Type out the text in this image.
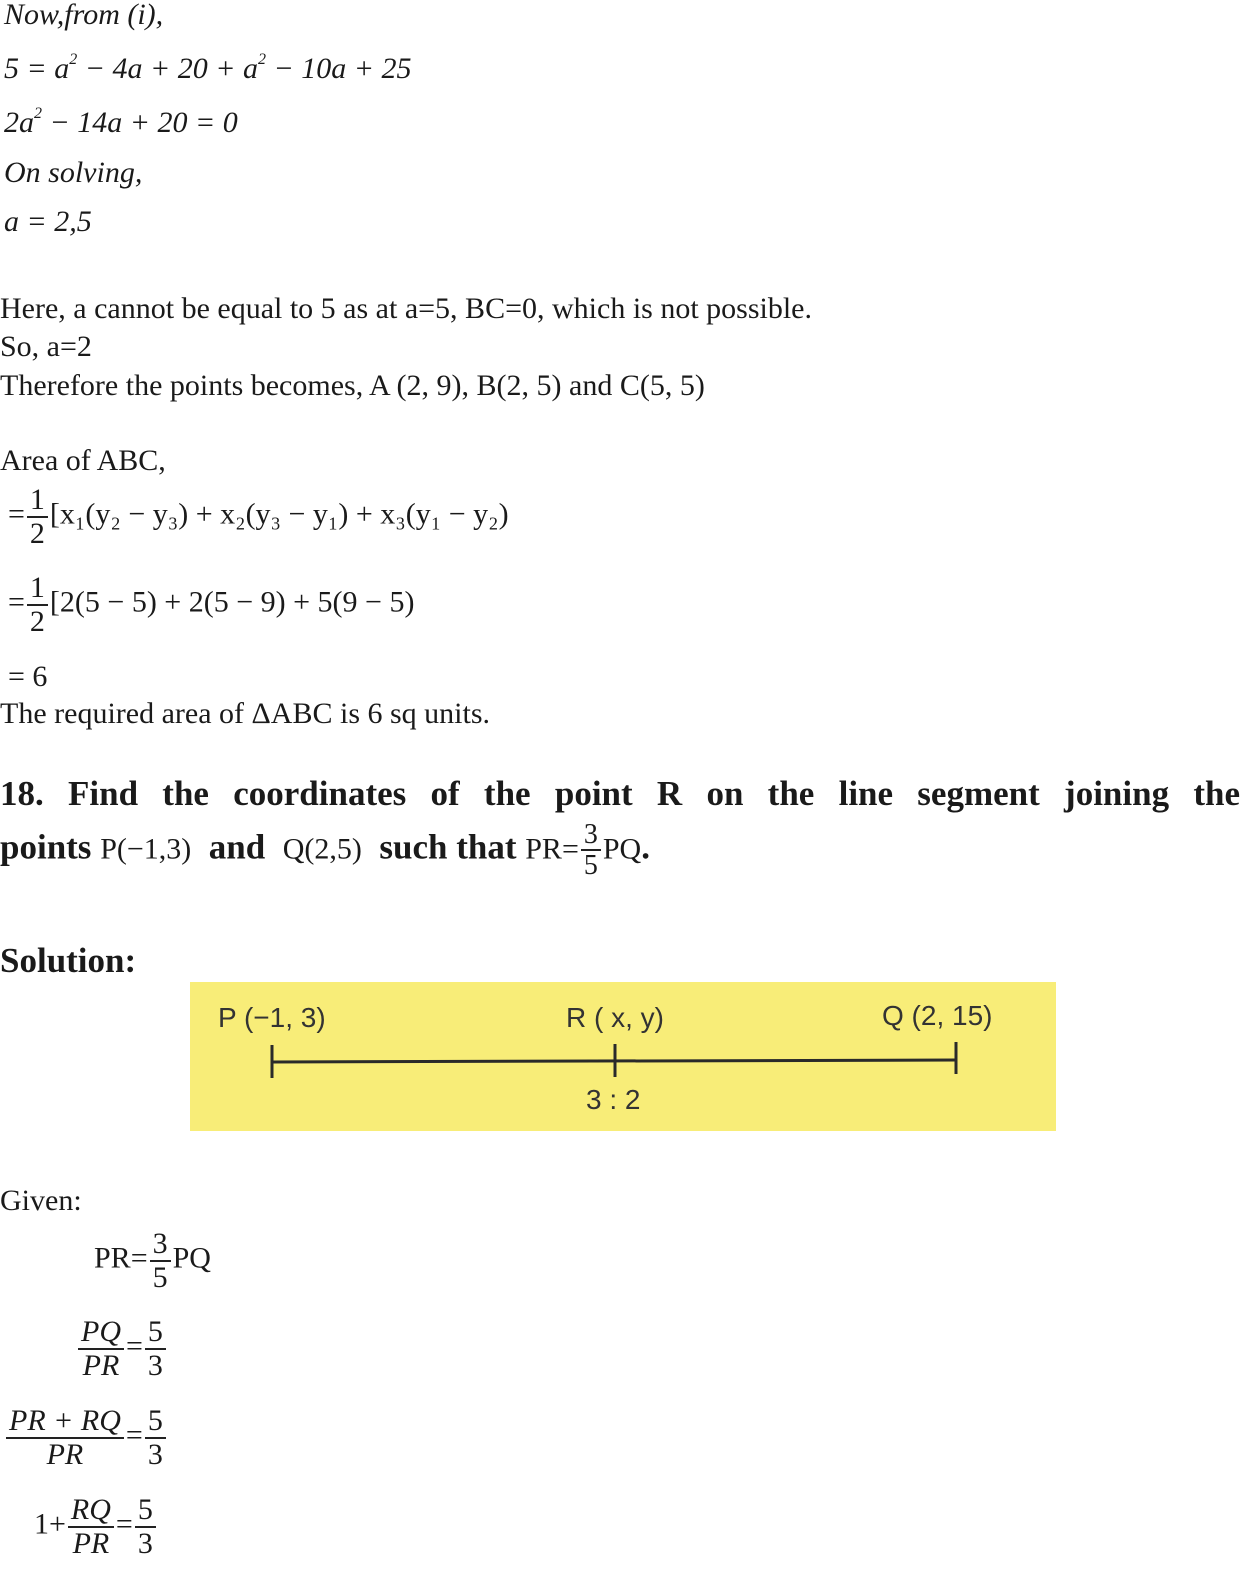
Now,from (i),
$5 = a^2 - 4a + 20 + a^2 - 10a + 25$
$2a^2 - 14a + 20 = 0$
On solving,
a = 2,5
Here, a cannot be equal to 5 as at a=5, BC=0, which is not possible.
So, a=2
Therefore the points becomes, A (2, 9), B(2, 5) and C(5, 5)
Area of ABC,
= $\frac{1}{2} [x_1(y_2 - y_3) + x_2(y_3 - y_1) + x_3(y_1 - y_2)$
= $\frac{1}{2} [2(5 - 5) + 2(5 - 9) + 5(9 - 5)$
= 6
The required area of ΔABC is 6 sq units.
18. Find the coordinates of the point R on the line segment joining the
points P(−1,3) and Q(2,5) such that $PR= \frac{3}{5}$ PQ.
Solution:
P (−1, 3)	R ( x, y)	Q (2, 15)
3 : 2
Given:
$PR= \frac{3}{5}$ PQ
$\frac{PQ}{PR} = \frac{5}{3}$
$\frac{PR + RQ}{PR} = \frac{5}{3}$
$1+ \frac{RQ}{PR} = \frac{5}{3}$
